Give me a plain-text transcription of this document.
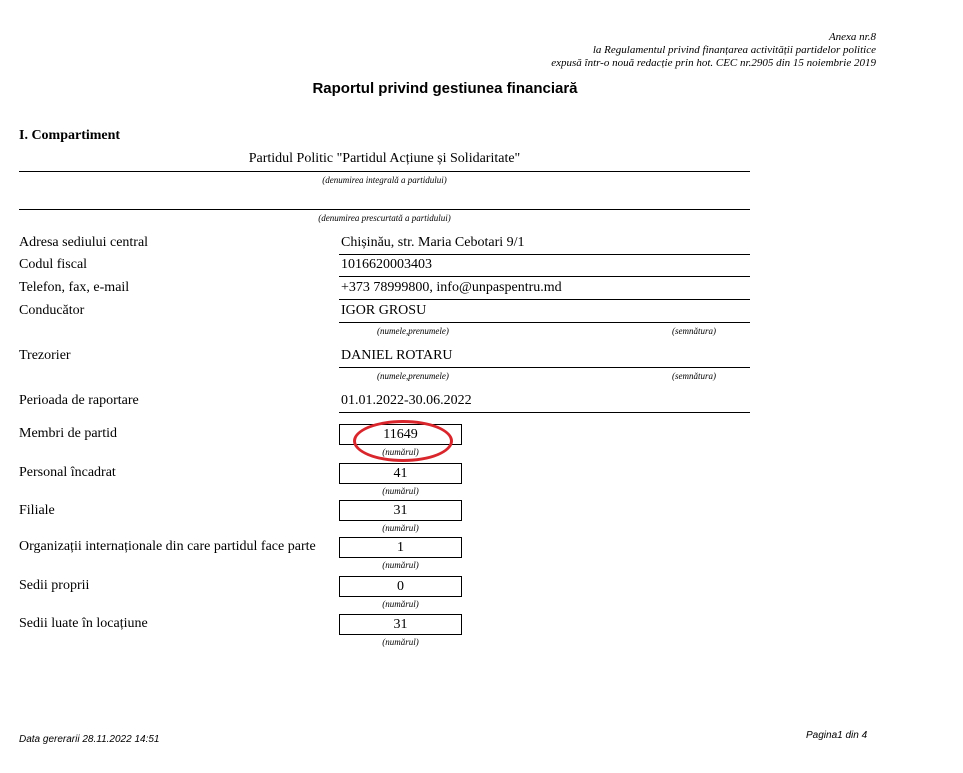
Anexa nr.8
la Regulamentul privind finanțarea activității partidelor politice
expusă într-o nouă redacție prin hot. CEC nr.2905 din 15 noiembrie 2019
Raportul privind gestiunea financiară
I. Compartiment
Partidul Politic "Partidul Acțiune și Solidaritate"
(denumirea integrală a partidului)
(denumirea prescurtată a partidului)
Adresa sediului central	Chișinău, str. Maria Cebotari 9/1
Codul fiscal	1016620003403
Telefon, fax, e-mail	+373 78999800, info@unpaspentru.md
Conducător	IGOR GROSU
(numele,prenumele)	(semnătura)
Trezorier	DANIEL ROTARU
(numele,prenumele)	(semnătura)
Perioada de raportare	01.01.2022-30.06.2022
Membri de partid	11649
(numărul)
Personal încadrat	41
(numărul)
Filiale	31
(numărul)
Organizații internaționale din care partidul face parte	1
(numărul)
Sedii proprii	0
(numărul)
Sedii luate în locațiune	31
(numărul)
Data gererarii 28.11.2022 14:51	Pagina1 din 4
